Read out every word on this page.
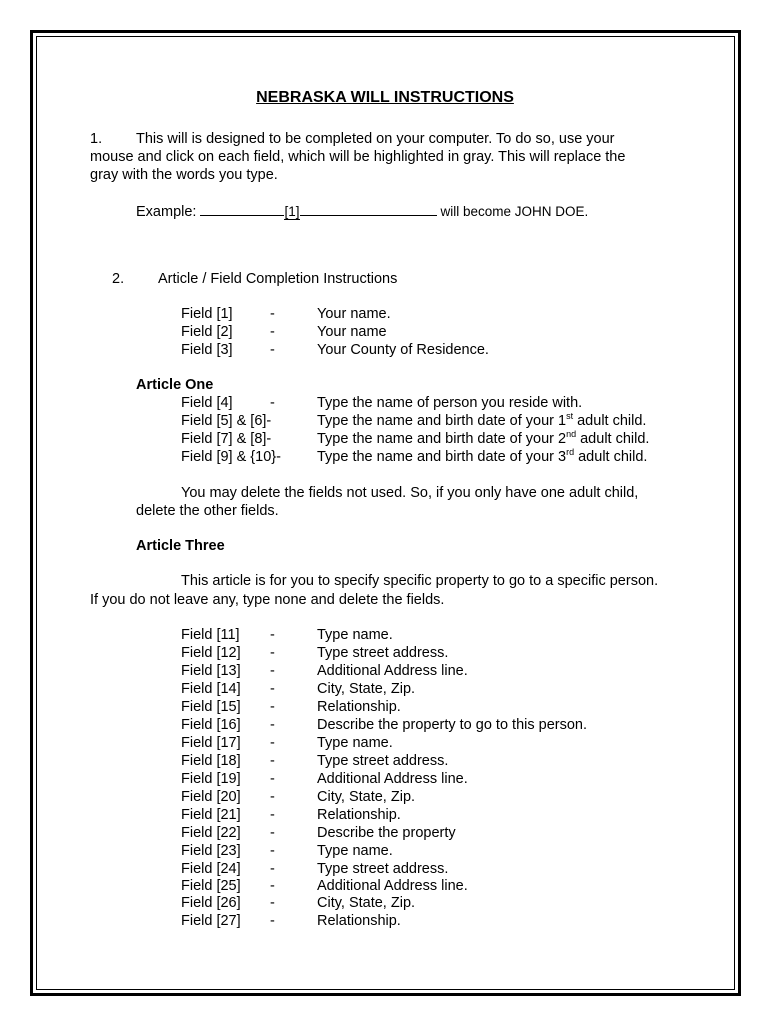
NEBRASKA WILL INSTRUCTIONS
1. This will is designed to be completed on your computer. To do so, use your
mouse and click on each field, which will be highlighted in gray. This will replace the
gray with the words you type.
Example:	[1]	will become JOHN DOE.
2. Article / Field Completion Instructions
Field [1]	-	Your name.
Field [2]	-	Your name
Field [3]	-	Your County of Residence.
Article One
Field [4]	-	Type the name of person you reside with.
Field [5] & [6]-	Type the name and birth date of your 1st adult child.
Field [7] & [8]-	Type the name and birth date of your 2nd adult child.
Field [9] & {10}- Type the name and birth date of your 3rd adult child.
You may delete the fields not used. So, if you only have one adult child,
delete the other fields.
Article Three
This article is for you to specify specific property to go to a specific person.
If you do not leave any, type none and delete the fields.
Field [11] -	Type name.
Field [12] -	Type street address.
Field [13] -	Additional Address line.
Field [14] -	City, State, Zip.
Field [15] -	Relationship.
Field [16] -	Describe the property to go to this person.
Field [17] -	Type name.
Field [18] -	Type street address.
Field [19] -	Additional Address line.
Field [20] -	City, State, Zip.
Field [21] -	Relationship.
Field [22] -	Describe the property
Field [23] -	Type name.
Field [24] -	Type street address.
Field [25] -	Additional Address line.
Field [26] -	City, State, Zip.
Field [27] -	Relationship.
